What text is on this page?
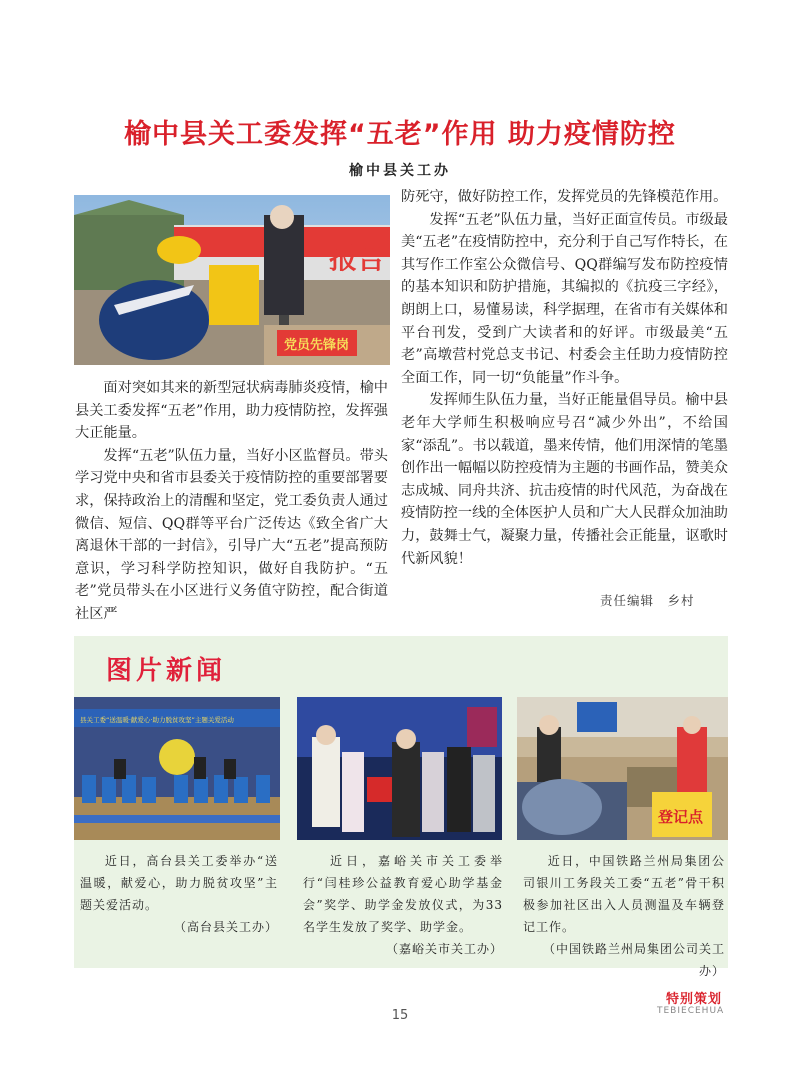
榆中县关工委发挥“五老”作用 助力疫情防控
榆中县关工办
报告
党员先锋岗

面对突如其来的新型冠状病毒肺炎疫情，榆中县关工委发挥“五老”作用，助力疫情防控，发挥强大正能量。

发挥“五老”队伍力量，当好小区监督员。带头学习党中央和省市县委关于疫情防控的重要部署要求，保持政治上的清醒和坚定，党工委负责人通过微信、短信、QQ群等平台广泛传达《致全省广大离退休干部的一封信》，引导广大“五老”提高预防意识，学习科学防控知识，做好自我防护。“五老”党员带头在小区进行义务值守防控，配合街道社区严

防死守，做好防控工作，发挥党员的先锋模范作用。

发挥“五老”队伍力量，当好正面宣传员。市级最美“五老”在疫情防控中，充分利于自己写作特长，在其写作工作室公众微信号、QQ群编写发布防控疫情的基本知识和防护措施，其编拟的《抗疫三字经》，朗朗上口，易懂易读，科学据理，在省市有关媒体和平台刊发，受到广大读者和的好评。市级最美“五老”高墩营村党总支书记、村委会主任助力疫情防控全面工作，同一切“负能量”作斗争。

发挥师生队伍力量，当好正能量倡导员。榆中县老年大学师生积极响应号召“减少外出”，不给国家“添乱”。书以载道，墨来传情，他们用深情的笔墨创作出一幅幅以防控疫情为主题的书画作品，赞美众志成城、同舟共济、抗击疫情的时代风范，为奋战在疫情防控一线的全体医护人员和广大人民群众加油助力，鼓舞士气，凝聚力量，传播社会正能量，讴歌时代新风貌！

责任编辑　乡村
图片新闻
县关工委“送温暖·献爱心·助力脱贫攻坚”主题关爱活动
登记点
近日，高台县关工委举办“送温暖，献爱心，助力脱贫攻坚”主题关爱活动。
（高台县关工办）
近日，嘉峪关市关工委举行“闫桂珍公益教育爱心助学基金会”奖学、助学金发放仪式，为33名学生发放了奖学、助学金。
（嘉峪关市关工办）
近日，中国铁路兰州局集团公司银川工务段关工委“五老”骨干积极参加社区出入人员测温及车辆登记工作。
（中国铁路兰州局集团公司关工办）
特别策划
TEBIECEHUA
15
